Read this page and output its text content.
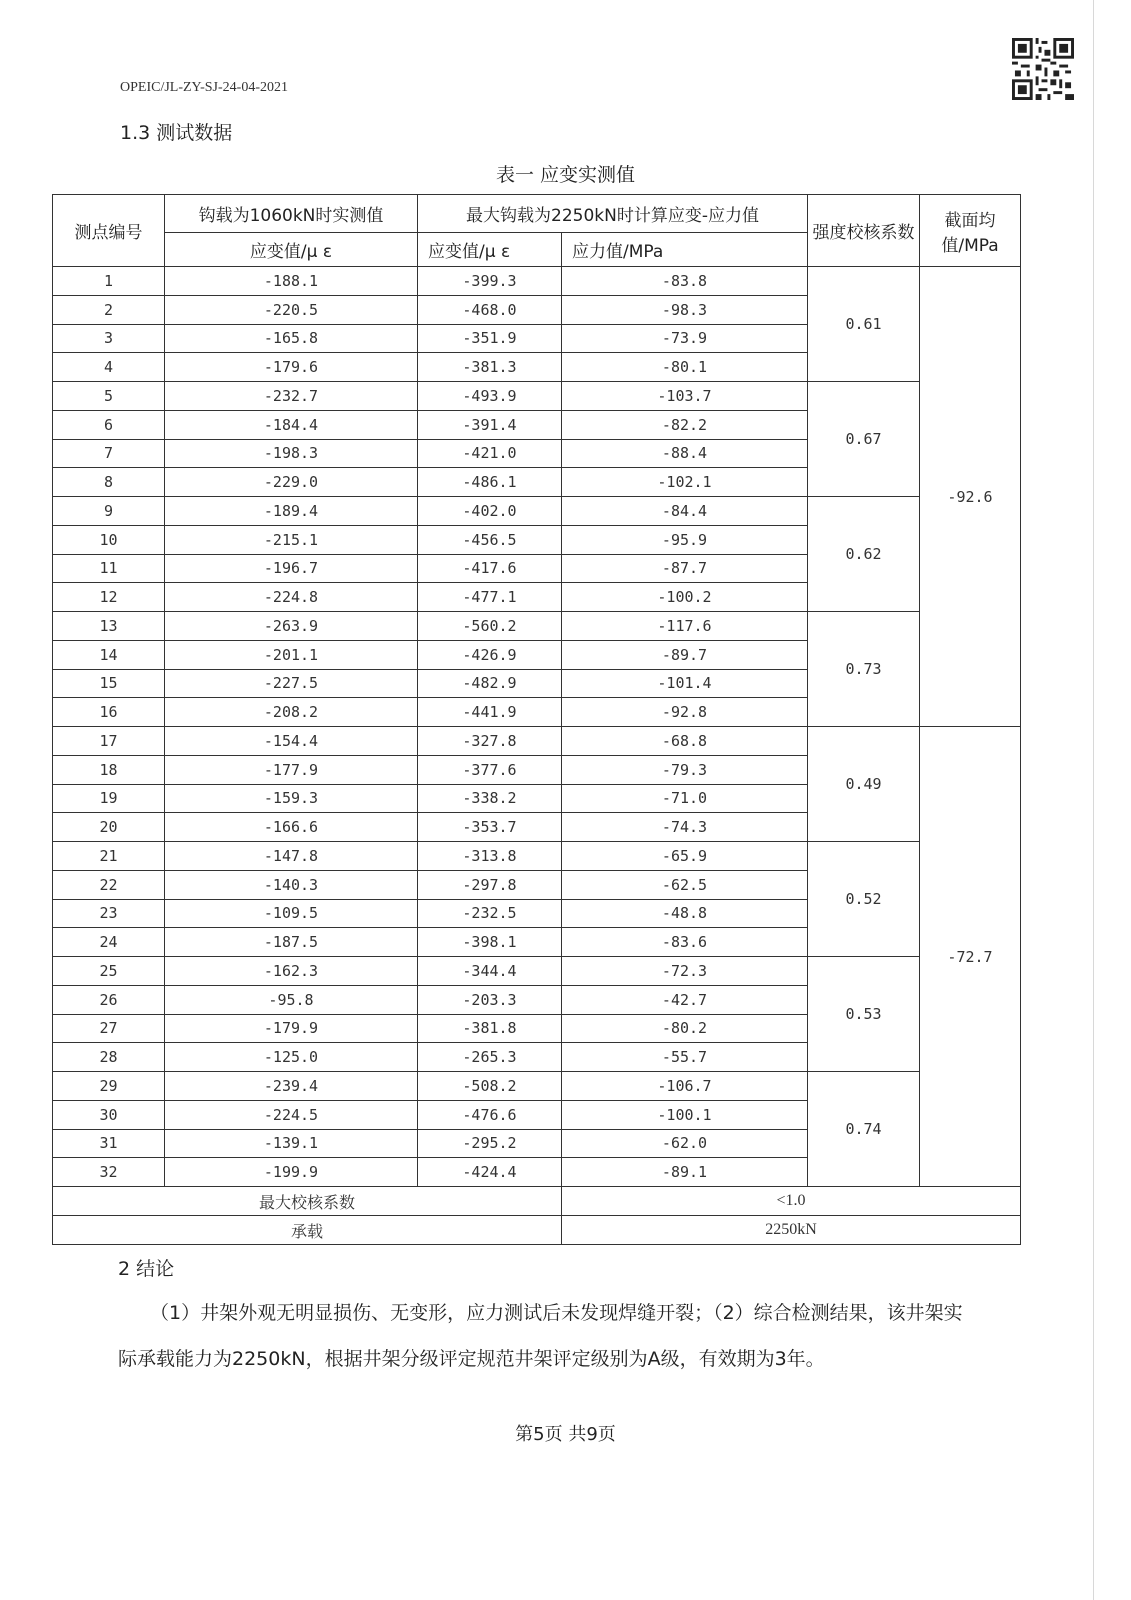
OPEIC/JL-ZY-SJ-24-04-2021
1.3 测试数据
表一 应变实测值
测点编号	钩载为1060kN时实测值	最大钩载为2250kN时计算应变-应力值		强度校核系数	截面均值/MPa
	应变值/μ ε	应变值/μ ε	应力值/MPa		
1	-188.1	-399.3	-83.8	0.61	-92.6
2	-220.5	-468.0	-98.3		
3	-165.8	-351.9	-73.9		
4	-179.6	-381.3	-80.1		
5	-232.7	-493.9	-103.7	0.67	
6	-184.4	-391.4	-82.2		
7	-198.3	-421.0	-88.4		
8	-229.0	-486.1	-102.1		
9	-189.4	-402.0	-84.4	0.62	
10	-215.1	-456.5	-95.9		
11	-196.7	-417.6	-87.7		
12	-224.8	-477.1	-100.2		
13	-263.9	-560.2	-117.6	0.73	
14	-201.1	-426.9	-89.7		
15	-227.5	-482.9	-101.4		
16	-208.2	-441.9	-92.8		
17	-154.4	-327.8	-68.8	0.49	-72.7
18	-177.9	-377.6	-79.3		
19	-159.3	-338.2	-71.0		
20	-166.6	-353.7	-74.3		
21	-147.8	-313.8	-65.9	0.52	
22	-140.3	-297.8	-62.5		
23	-109.5	-232.5	-48.8		
24	-187.5	-398.1	-83.6		
25	-162.3	-344.4	-72.3	0.53	
26	-95.8	-203.3	-42.7		
27	-179.9	-381.8	-80.2		
28	-125.0	-265.3	-55.7		
29	-239.4	-508.2	-106.7	0.74	
30	-224.5	-476.6	-100.1		
31	-139.1	-295.2	-62.0		
32	-199.9	-424.4	-89.1		
最大校核系数			<1.0		
承载			2250kN		
2 结论
（1）井架外观无明显损伤、无变形，应力测试后未发现焊缝开裂；（2）综合检测结果，该井架实际承载能力为2250kN，根据井架分级评定规范井架评定级别为A级，有效期为3年。
第5页 共9页
